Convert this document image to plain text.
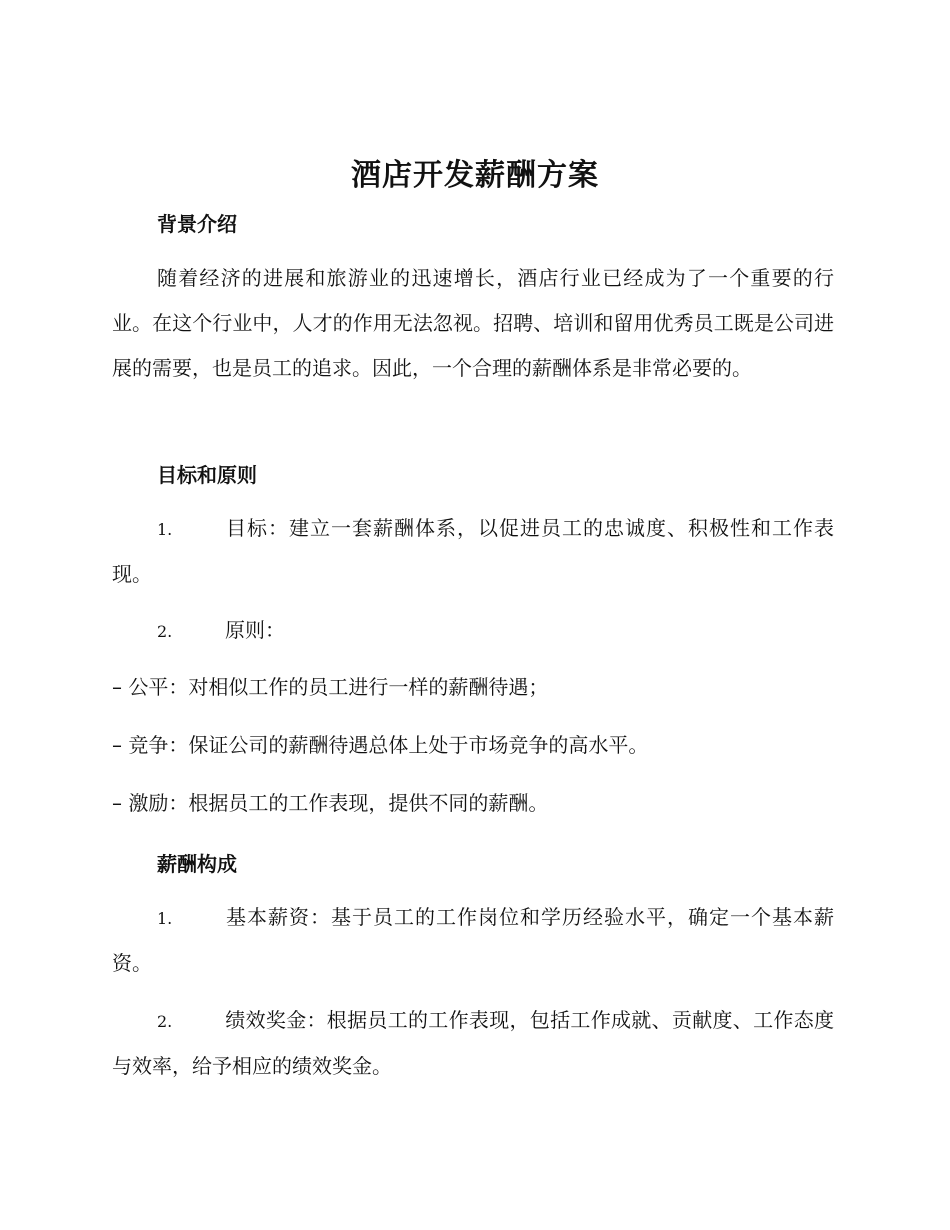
酒店开发薪酬方案
背景介绍

随着经济的进展和旅游业的迅速增长，酒店行业已经成为了一个重要的行业。在这个行业中，人才的作用无法忽视。招聘、培训和留用优秀员工既是公司进展的需要，也是员工的追求。因此，一个合理的薪酬体系是非常必要的。

目标和原则

1.	目标：建立一套薪酬体系，以促进员工的忠诚度、积极性和工作表现。

2.	原则：

– 公平：对相似工作的员工进行一样的薪酬待遇；

– 竞争：保证公司的薪酬待遇总体上处于市场竞争的高水平。

– 激励：根据员工的工作表现，提供不同的薪酬。

薪酬构成

1.	基本薪资：基于员工的工作岗位和学历经验水平，确定一个基本薪资。

2.	绩效奖金：根据员工的工作表现，包括工作成就、贡献度、工作态度与效率，给予相应的绩效奖金。
